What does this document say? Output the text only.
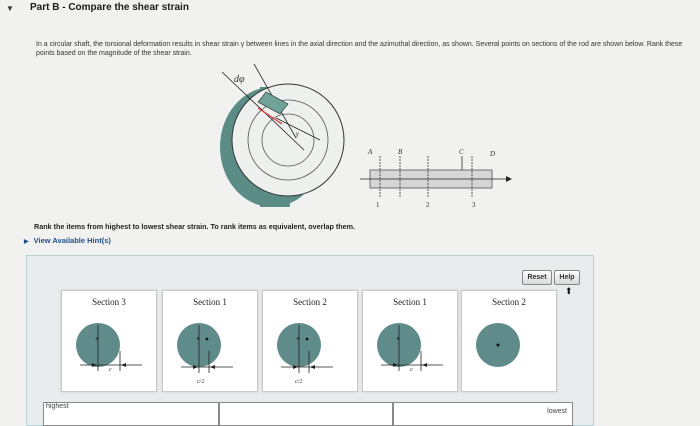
▼ Part B - Compare the shear strain
In a circular shaft, the torsional deformation results in shear strain γ between lines in the axial direction and the azimuthal direction, as shown. Several points on sections of the rod are shown below. Rank these points based on the magnitude of the shear strain.
dφ
γ
A	B	C	D
1	2	3
Rank the items from highest to lowest shear strain. To rank items as equivalent, overlap them.
▶ View Available Hint(s)
Reset	Help
⬆
Section 3
+
c
Section 1
+
c/2
Section 2
+
c/2
Section 1
+
c
Section 2
highest
lowest
